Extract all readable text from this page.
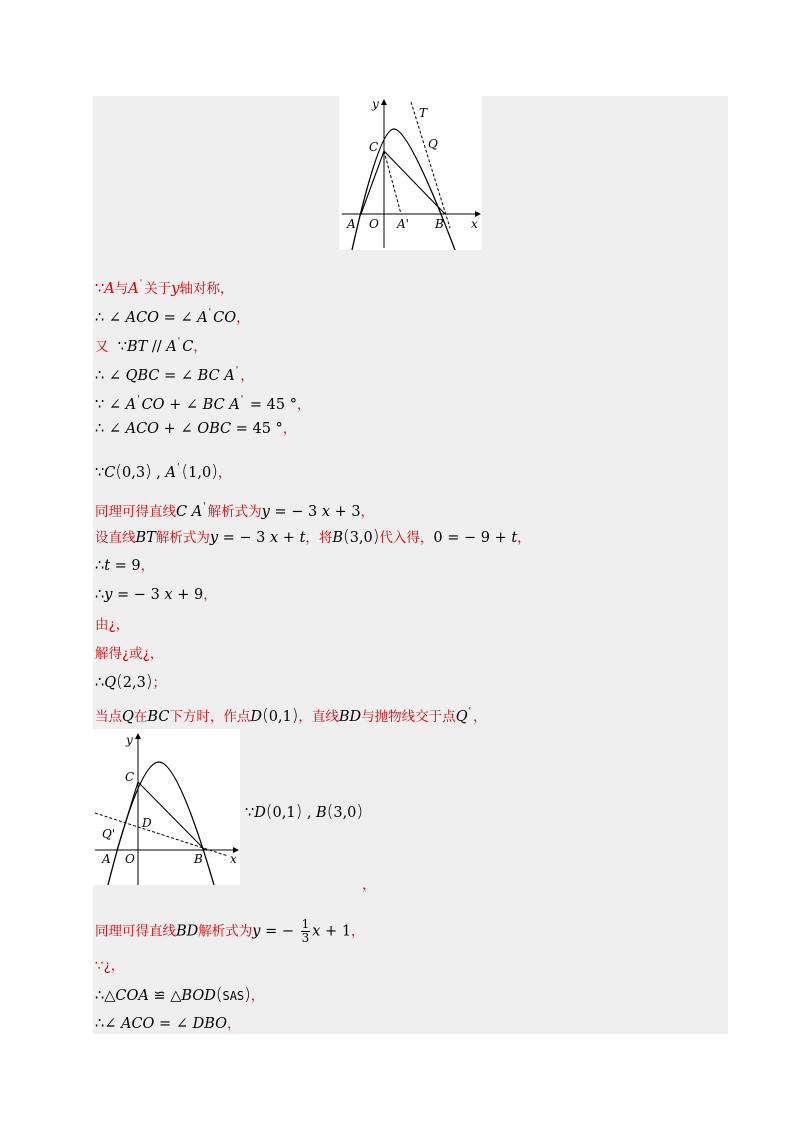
y
T
C	Q
A O A' B x
y
C
D
Q'
A O	B x
∵A与A' 关于y轴对称，
∴ ∠ ACO = ∠ A' CO，
又 ∵BT // A' C，
∴ ∠ QBC = ∠ BC A' ，
∵ ∠ A' CO + ∠ BC A' = 45 °，
∴ ∠ ACO + ∠ OBC = 45 °，
∵C(0,3) , A' (1,0)，
同理可得直线C A' 解析式为y = − 3 x + 3，
设直线BT解析式为y = − 3 x + t，将B(3,0)代入得，0 = − 9 + t，
∴t = 9，
∴y = − 3 x + 9，
由¿，
解得¿或¿，
∴Q(2,3)；
当点Q在BC下方时，作点D(0,1)，直线BD与抛物线交于点Q' ，
∵D(0,1) , B(3,0)
，
同理可得直线BD解析式为y = − $\frac{1}{3}$ x + 1，
∵¿，
∴△COA ≌ △BOD(SAS)，
∴∠ ACO = ∠ DBO，
